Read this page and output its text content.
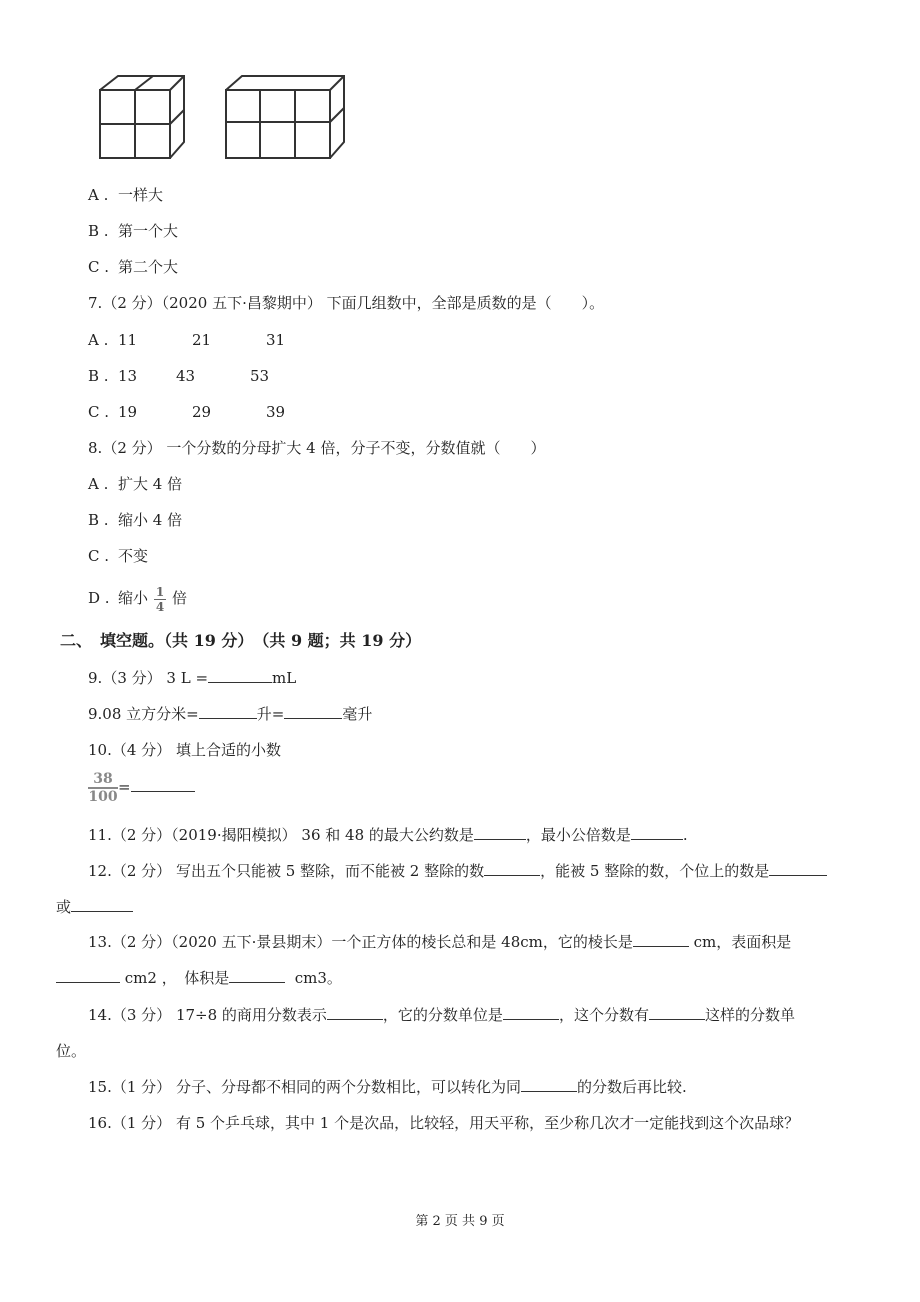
A . 一样大
B . 第一个大
C . 第二个大
7.（2 分）（2020 五下·昌黎期中） 下面几组数中，全部是质数的是（　　）。
A . 11	21	31
B . 13	43	53
C . 19	29	39
8.（2 分） 一个分数的分母扩大 4 倍，分子不变，分数值就（　　）
A . 扩大 4 倍
B . 缩小 4 倍
C . 不变
D . 缩小 $\frac{1}{4}$ 倍
二、　填空题。（共 19 分）　（共 9 题；共 19 分）
9.（3 分） 3 L =	mL
9.08 立方分米=	升=	毫升
10.（4 分） 填上合适的小数
$\frac{38}{100}$ =
11.（2 分）（2019·揭阳模拟） 36 和 48 的最大公约数是	，最小公倍数是	.
12.（2 分） 写出五个只能被 5 整除，而不能被 2 整除的数	，能被 5 整除的数，个位上的数是
或
13.（2 分）（2020 五下·景县期末）一个正方体的棱长总和是 48cm，它的棱长是	cm，表面积是
cm2 ，　体积是	cm3。
14.（3 分） 17÷8 的商用分数表示	，它的分数单位是	，这个分数有	这样的分数单
位。
15.（1 分） 分子、分母都不相同的两个分数相比，可以转化为同	的分数后再比较.
16.（1 分） 有 5 个乒乓球，其中 1 个是次品，比较轻，用天平称，至少称几次才一定能找到这个次品球？
第 2 页 共 9 页
